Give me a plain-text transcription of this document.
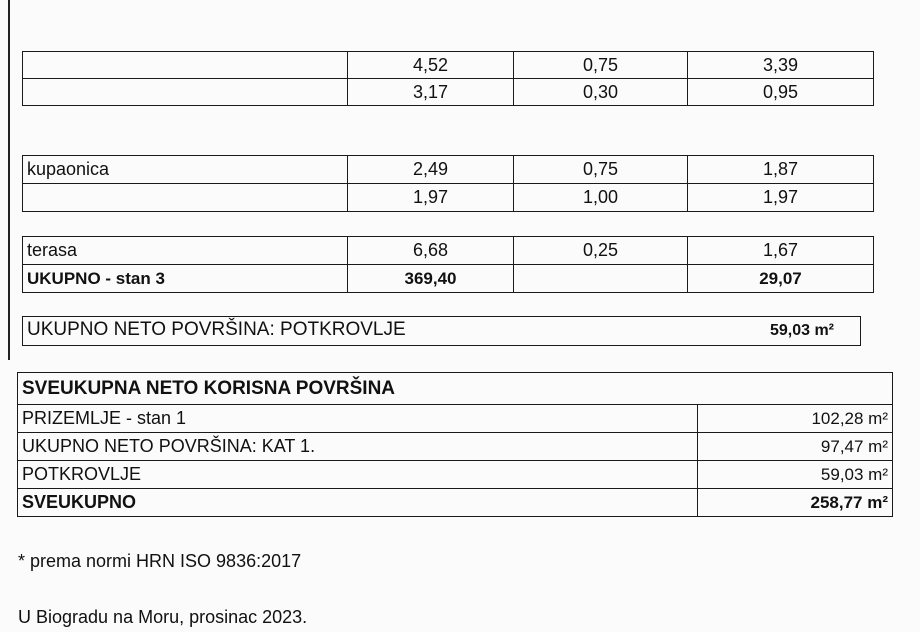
	4,52	0,75	3,39
	3,17	0,30	0,95
kupaonica	2,49	0,75	1,87
	1,97	1,00	1,97
terasa	6,68	0,25	1,67
UKUPNO - stan 3	369,40		29,07
UKUPNO NETO POVRŠINA: POTKROVLJE	59,03 m²
SVEUKUPNA NETO KORISNA POVRŠINA	
PRIZEMLJE - stan 1	102,28 m²
UKUPNO NETO POVRŠINA: KAT 1.	97,47 m²
POTKROVLJE	59,03 m²
SVEUKUPNO	258,77 m²
* prema normi HRN ISO 9836:2017
U Biogradu na Moru, prosinac 2023.
